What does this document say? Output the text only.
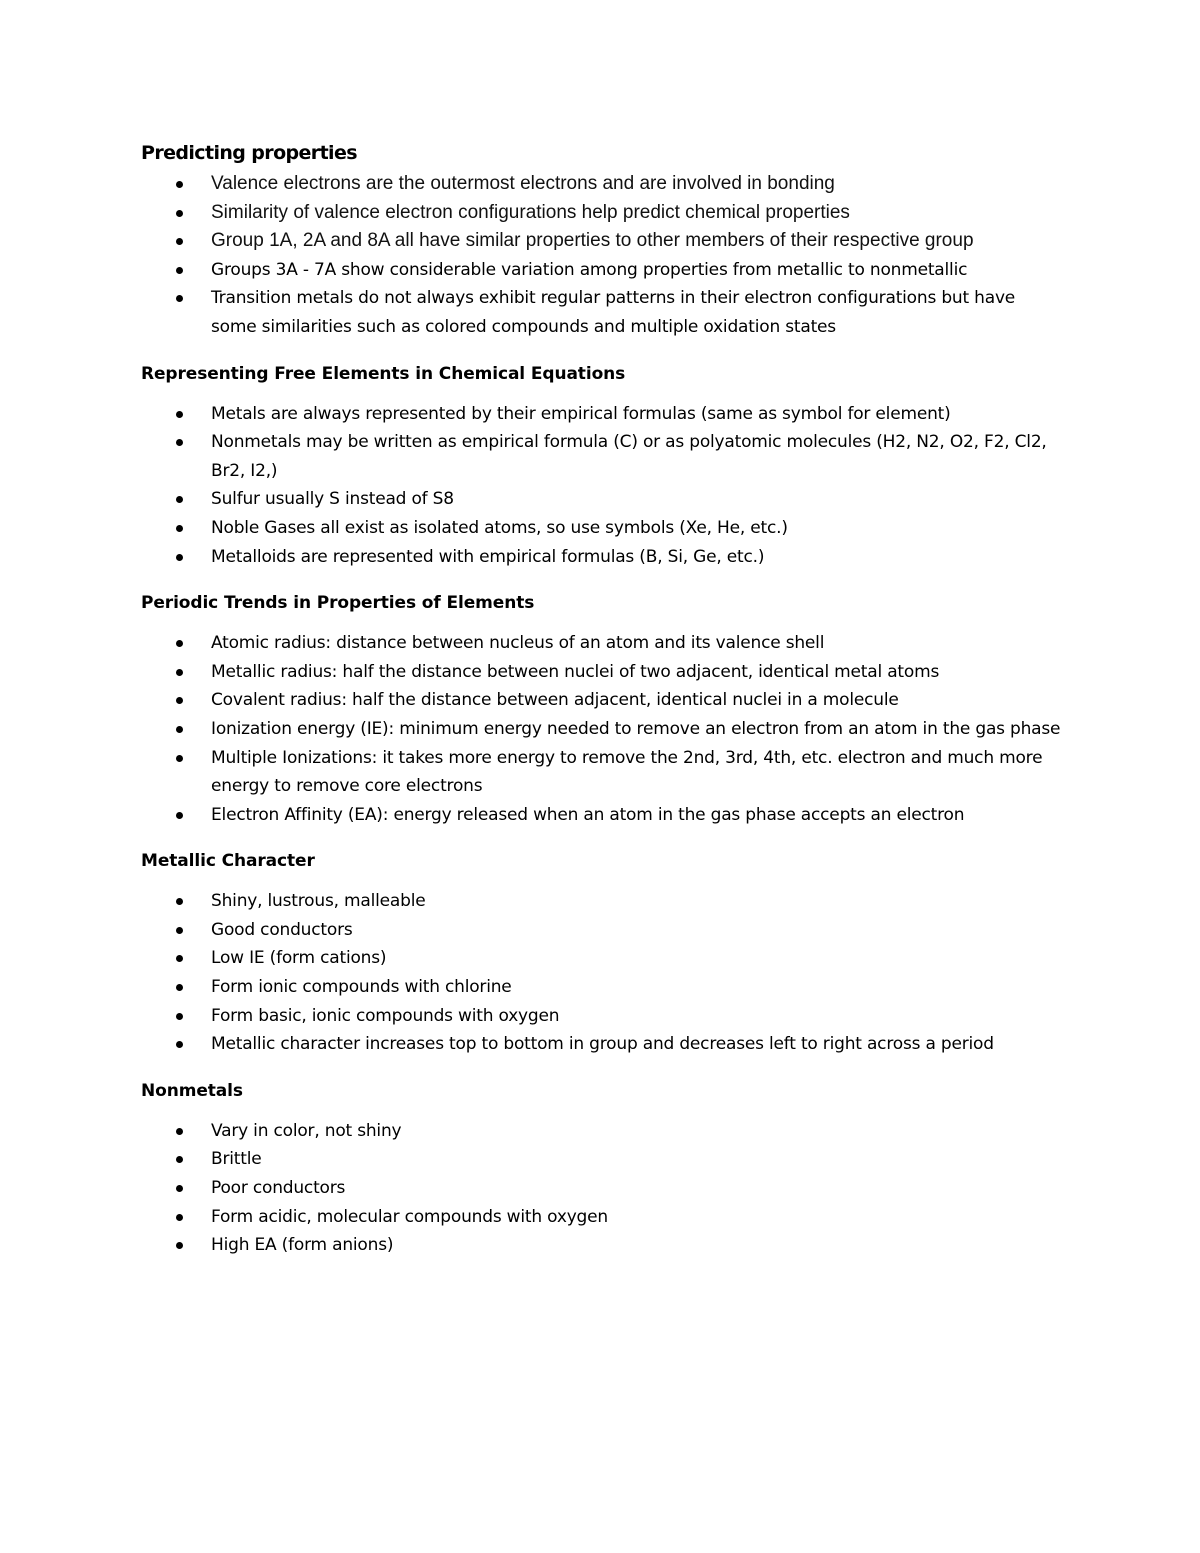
Predicting properties
Valence electrons are the outermost electrons and are involved in bonding
Similarity of valence electron configurations help predict chemical properties
Group 1A, 2A and 8A all have similar properties to other members of their respective group
Groups 3A - 7A show considerable variation among properties from metallic to nonmetallic
Transition metals do not always exhibit regular patterns in their electron configurations but have some similarities such as colored compounds and multiple oxidation states
Representing Free Elements in Chemical Equations
Metals are always represented by their empirical formulas (same as symbol for element)
Nonmetals may be written as empirical formula (C) or as polyatomic molecules (H2, N2, O2, F2, Cl2, Br2, I2,)
Sulfur usually S instead of S8
Noble Gases all exist as isolated atoms, so use symbols (Xe, He, etc.)
Metalloids are represented with empirical formulas (B, Si, Ge, etc.)
Periodic Trends in Properties of Elements
Atomic radius: distance between nucleus of an atom and its valence shell
Metallic radius: half the distance between nuclei of two adjacent, identical metal atoms
Covalent radius: half the distance between adjacent, identical nuclei in a molecule
Ionization energy (IE): minimum energy needed to remove an electron from an atom in the gas phase
Multiple Ionizations: it takes more energy to remove the 2nd, 3rd, 4th, etc. electron and much more energy to remove core electrons
Electron Affinity (EA): energy released when an atom in the gas phase accepts an electron
Metallic Character
Shiny, lustrous, malleable
Good conductors
Low IE (form cations)
Form ionic compounds with chlorine
Form basic, ionic compounds with oxygen
Metallic character increases top to bottom in group and decreases left to right across a period
Nonmetals
Vary in color, not shiny
Brittle
Poor conductors
Form acidic, molecular compounds with oxygen
High EA (form anions)
